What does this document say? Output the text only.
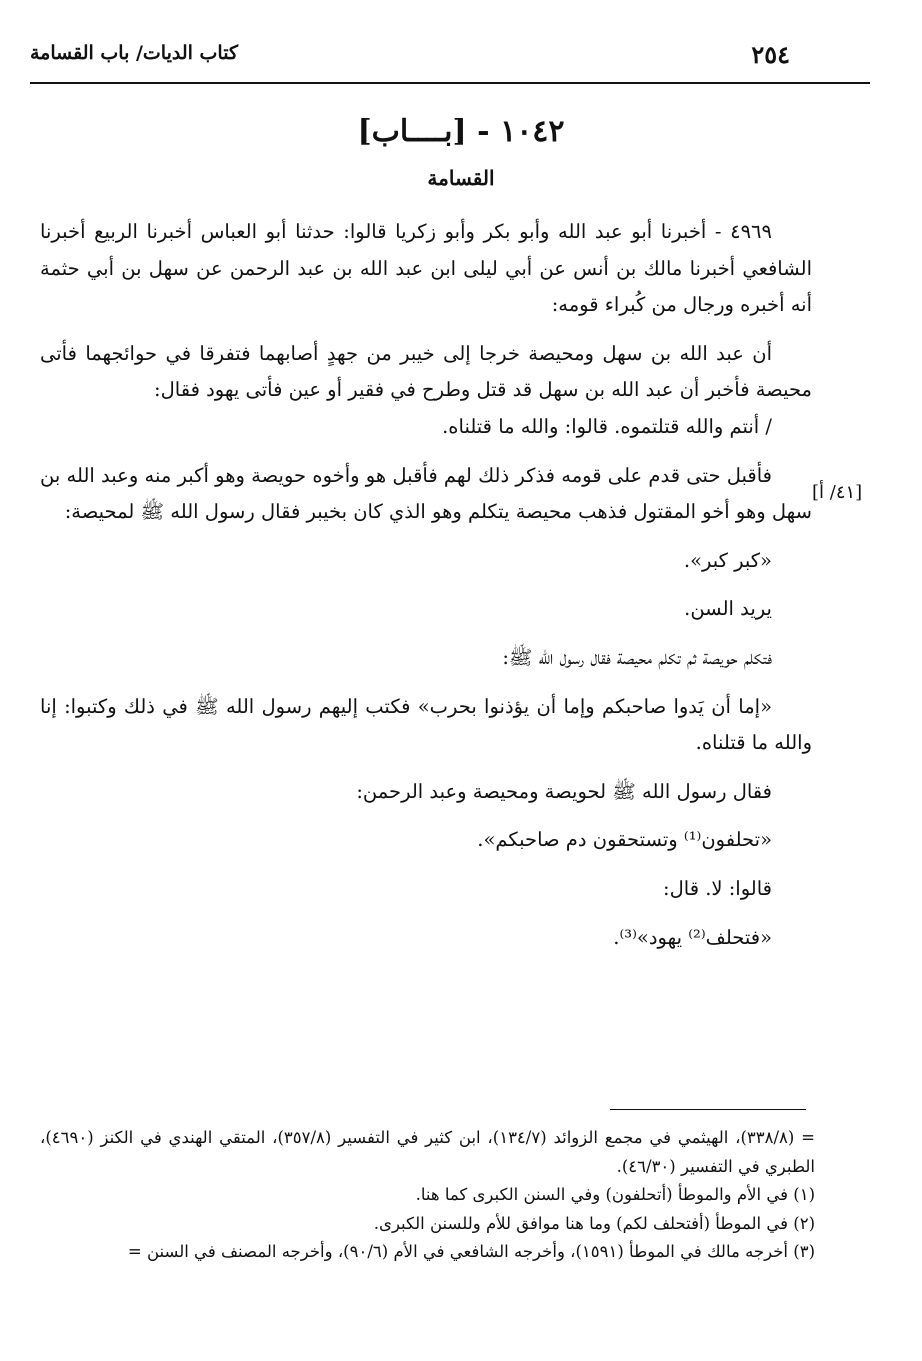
٢٥٤
كتاب الديات/ باب القسامة
١٠٤٢ - [بــــاب]
القسامة
[٤١/ أ]

٤٩٦٩ - أخبرنا أبو عبد الله وأبو بكر وأبو زكريا قالوا: حدثنا أبو العباس أخبرنا الربيع أخبرنا الشافعي أخبرنا مالك بن أنس عن أبي ليلى ابن عبد الله بن عبد الرحمن عن سهل بن أبي حثمة أنه أخبره ورجال من كُبراء قومه:

أن عبد الله بن سهل ومحيصة خرجا إلى خيبر من جهدٍ أصابهما فتفرقا في حوائجهما فأتى محيصة فأخبر أن عبد الله بن سهل قد قتل وطرح في فقير أو عين فأتى يهود فقال:

/ أنتم والله قتلتموه. قالوا: والله ما قتلناه.

فأقبل حتى قدم على قومه فذكر ذلك لهم فأقبل هو وأخوه حويصة وهو أكبر منه وعبد الله بن سهل وهو أخو المقتول فذهب محيصة يتكلم وهو الذي كان بخيبر فقال رسول الله ﷺ لمحيصة:

«كبر كبر».

يريد السن.

فتكلم حويصة ثم تكلم محيصة فقال رسول الله ﷺ:

«إما أن يَدوا صاحبكم وإما أن يؤذنوا بحرب» فكتب إليهم رسول الله ﷺ في ذلك وكتبوا: إنا والله ما قتلناه.

فقال رسول الله ﷺ لحويصة ومحيصة وعبد الرحمن:

«تحلفون⁽¹⁾ وتستحقون دم صاحبكم».

قالوا: لا. قال:

«فتحلف⁽²⁾ يهود»⁽³⁾.

= (٣٣٨/٨)، الهيثمي في مجمع الزوائد (١٣٤/٧)، ابن كثير في التفسير (٣٥٧/٨)، المتقي الهندي في الكنز (٤٦٩٠)، الطبري في التفسير (٤٦/٣٠).

(١) في الأم والموطأ (أتحلفون) وفي السنن الكبرى كما هنا.

(٢) في الموطأ (أفتحلف لكم) وما هنا موافق للأم وللسنن الكبرى.

(٣) أخرجه مالك في الموطأ (١٥٩١)، وأخرجه الشافعي في الأم (٩٠/٦)، وأخرجه المصنف في السنن =
